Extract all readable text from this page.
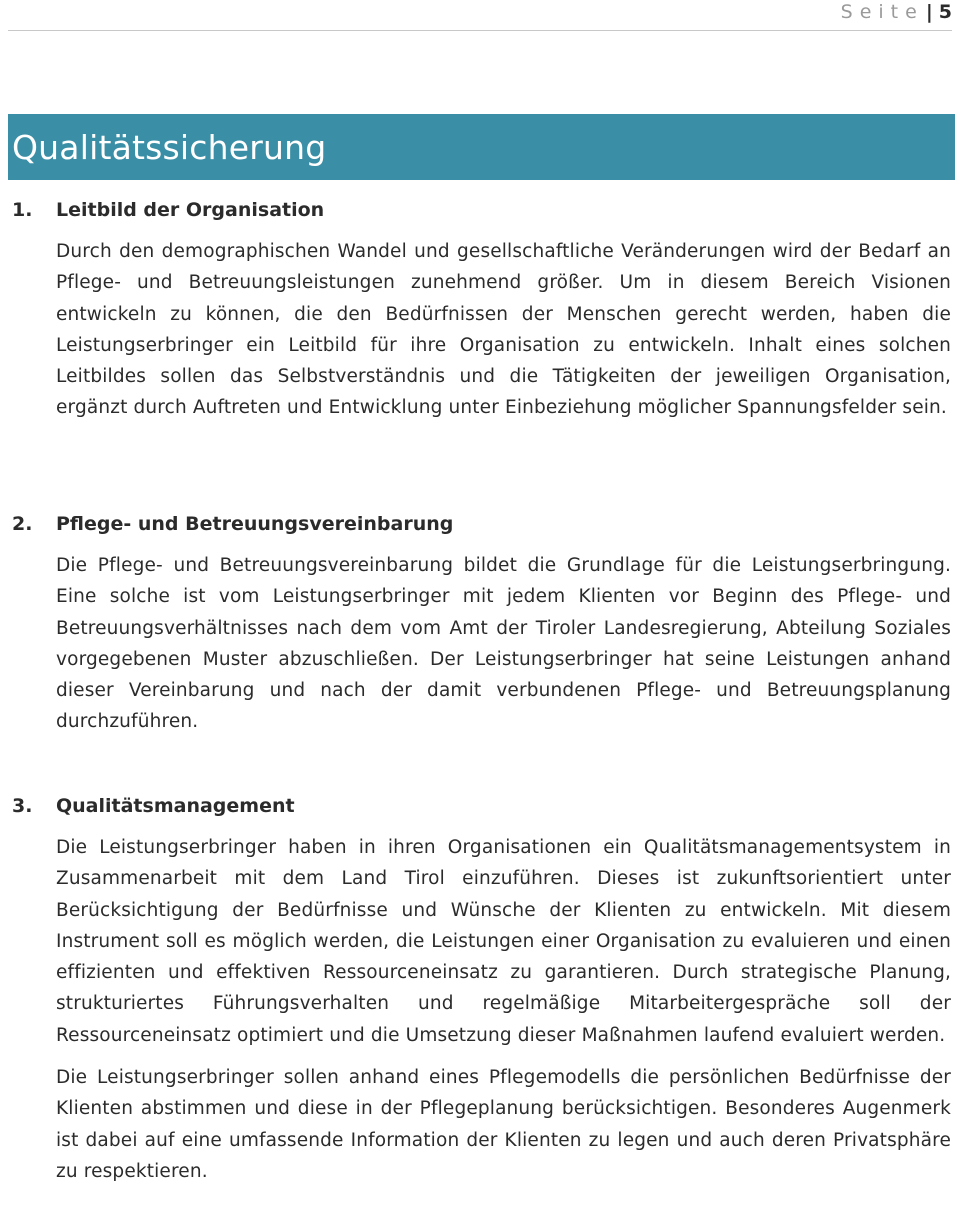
Seite | 5
Qualitätssicherung
1.	Leitbild der Organisation

Durch den demographischen Wandel und gesellschaftliche Veränderungen wird der Bedarf an Pflege- und Betreuungsleistungen zunehmend größer. Um in diesem Bereich Visionen entwickeln zu können, die den Bedürfnissen der Menschen gerecht werden, haben die Leistungserbringer ein Leitbild für ihre Organisation zu entwickeln. Inhalt eines solchen Leitbildes sollen das Selbstverständnis und die Tätigkeiten der jeweiligen Organisation, ergänzt durch Auftreten und Entwicklung unter Einbeziehung möglicher Spannungsfelder sein.

2.	Pflege- und Betreuungsvereinbarung

Die Pflege- und Betreuungsvereinbarung bildet die Grundlage für die Leistungserbringung. Eine solche ist vom Leistungserbringer mit jedem Klienten vor Beginn des Pflege- und Betreuungsverhältnisses nach dem vom Amt der Tiroler Landesregierung, Abteilung Soziales vorgegebenen Muster abzuschließen. Der Leistungserbringer hat seine Leistungen anhand dieser Vereinbarung und nach der damit verbundenen Pflege- und Betreuungsplanung durchzuführen.

3.	Qualitätsmanagement

Die Leistungserbringer haben in ihren Organisationen ein Qualitätsmanagementsystem in Zusammenarbeit mit dem Land Tirol einzuführen. Dieses ist zukunftsorientiert unter Berücksichtigung der Bedürfnisse und Wünsche der Klienten zu entwickeln. Mit diesem Instrument soll es möglich werden, die Leistungen einer Organisation zu evaluieren und einen effizienten und effektiven Ressourceneinsatz zu garantieren. Durch strategische Planung, strukturiertes Führungsverhalten und regelmäßige Mitarbeitergespräche soll der Ressourceneinsatz optimiert und die Umsetzung dieser Maßnahmen laufend evaluiert werden.

Die Leistungserbringer sollen anhand eines Pflegemodells die persönlichen Bedürfnisse der Klienten abstimmen und diese in der Pflegeplanung berücksichtigen. Besonderes Augenmerk ist dabei auf eine umfassende Information der Klienten zu legen und auch deren Privatsphäre zu respektieren.
